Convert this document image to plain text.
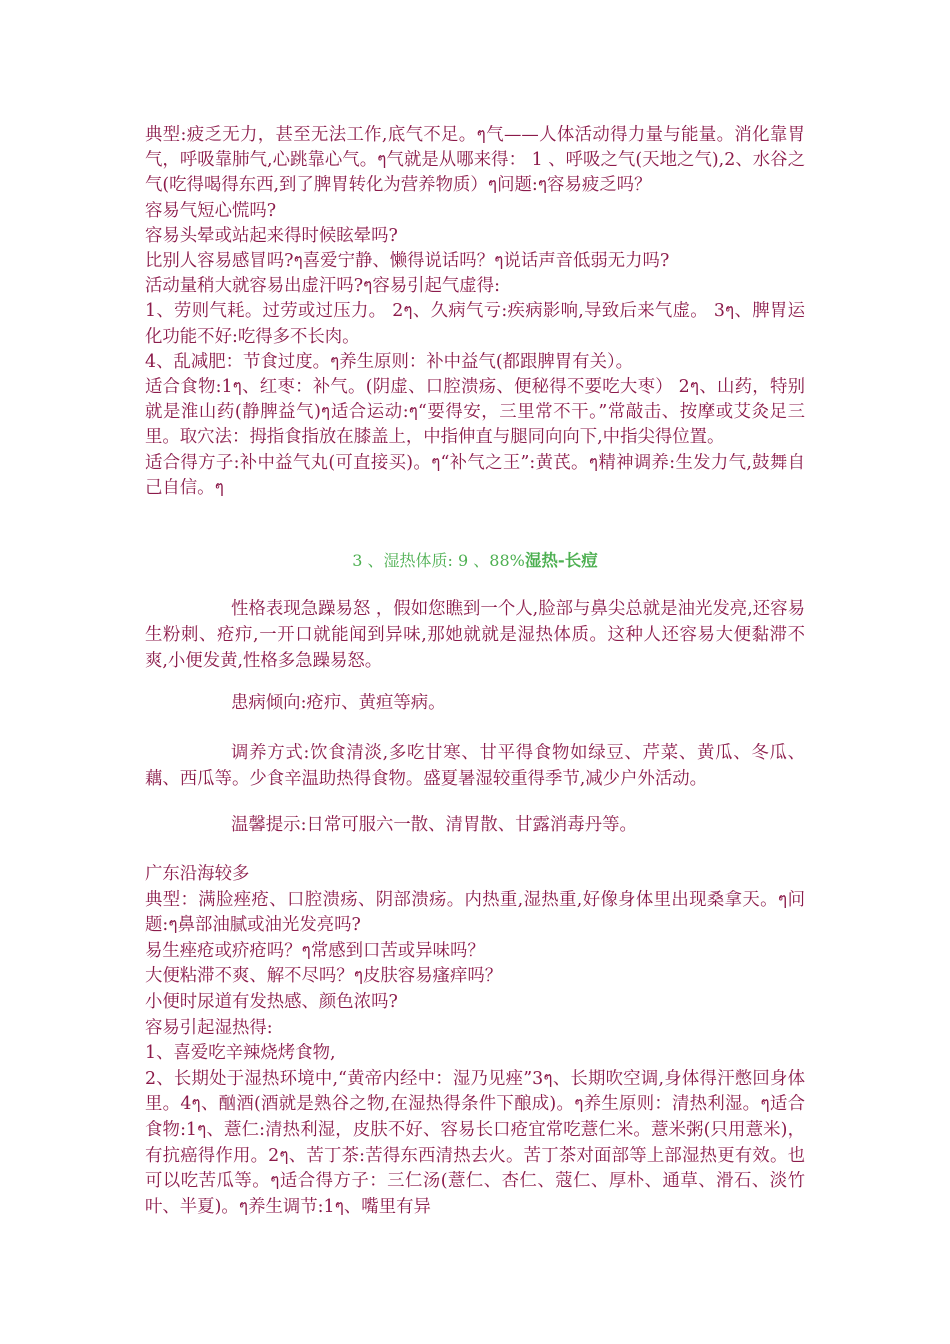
典型:疲乏无力，甚至无法工作,底气不足。ๆ气——人体活动得力量与能量。消化靠胃气，呼吸靠肺气,心跳靠心气。ๆ气就是从哪来得： 1 、呼吸之气(天地之气),2、水谷之气(吃得喝得东西,到了脾胃转化为营养物质）ๆ问题:ๆ容易疲乏吗？

容易气短心慌吗?

容易头晕或站起来得时候眩晕吗?

比别人容易感冒吗?ๆ喜爱宁静、懒得说话吗？ๆ说话声音低弱无力吗?

活动量稍大就容易出虚汗吗?ๆ容易引起气虚得:

1、劳则气耗。过劳或过压力。 2ๆ、久病气亏:疾病影响,导致后来气虚。 3ๆ、脾胃运化功能不好:吃得多不长肉。

4、乱减肥：节食过度。ๆ养生原则：补中益气(都跟脾胃有关）。

适合食物:1ๆ、红枣：补气。(阴虚、口腔溃疡、便秘得不要吃大枣） 2ๆ、山药，特别就是淮山药(静脾益气)ๆ适合运动:ๆ“要得安，三里常不干。”常敲击、按摩或艾灸足三里。取穴法：拇指食指放在膝盖上，中指伸直与腿同向向下,中指尖得位置。

适合得方子:补中益气丸(可直接买)。ๆ“补气之王”:黄芪。ๆ精神调养:生发力气,鼓舞自己自信。ๆ

3 、湿热体质: 9 、88%湿热-长痘

性格表现急躁易怒 ，假如您瞧到一个人,脸部与鼻尖总就是油光发亮,还容易生粉刺、疮疖,一开口就能闻到异味,那她就就是湿热体质。这种人还容易大便黏滞不爽,小便发黄,性格多急躁易怒。

患病倾向:疮疖、黄疸等病。

调养方式:饮食清淡,多吃甘寒、甘平得食物如绿豆、芹菜、黄瓜、冬瓜、藕、西瓜等。少食辛温助热得食物。盛夏暑湿较重得季节,减少户外活动。

温馨提示:日常可服六一散、清胃散、甘露消毒丹等。

广东沿海较多

典型：满脸痤疮、口腔溃疡、阴部溃疡。内热重,湿热重,好像身体里出现桑拿天。ๆ问题:ๆ鼻部油腻或油光发亮吗?

易生痤疮或疥疮吗？ๆ常感到口苦或异味吗？

大便粘滞不爽、解不尽吗？ๆ皮肤容易瘙痒吗？

小便时尿道有发热感、颜色浓吗?

容易引起湿热得:

1、喜爱吃辛辣烧烤食物,

2、长期处于湿热环境中,“黄帝内经中：湿乃见痤”3ๆ、长期吹空调,身体得汗憋回身体里。4ๆ、酗酒(酒就是熟谷之物,在湿热得条件下酿成)。ๆ养生原则：清热利湿。ๆ适合食物:1ๆ、薏仁:清热利湿，皮肤不好、容易长口疮宜常吃薏仁米。薏米粥(只用薏米)，有抗癌得作用。2ๆ、苦丁茶:苦得东西清热去火。苦丁茶对面部等上部湿热更有效。也可以吃苦瓜等。ๆ适合得方子：三仁汤(薏仁、杏仁、蔻仁、厚朴、通草、滑石、淡竹叶、半夏)。ๆ养生调节:1ๆ、嘴里有异
